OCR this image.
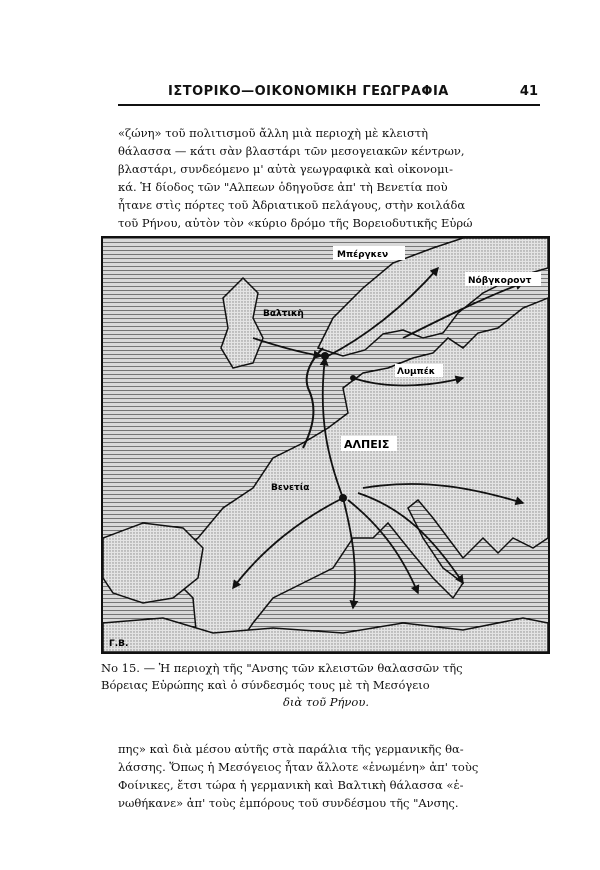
ΙΣΤΟΡΙΚΟ—ΟΙΚΟΝΟΜΙΚΗ ΓΕΩΓΡΑΦΙΑ	41
«ζώνη» τοῦ πολιτισμοῦ ἄλλη μιὰ περιοχὴ μὲ κλειστὴ
θάλασσα — κάτι σὰν βλαστάρι τῶν μεσογειακῶν κέντρων,
βλαστάρι, συνδεόμενο μ' αὐτὰ γεωγραφικὰ καὶ οἰκονομι-
κά. Ἡ δίοδος τῶν "Αλπεων ὁδηγοῦσε ἀπ' τὴ Βενετία ποὺ
ἦτανε στὶς πόρτες τοῦ Ἀδριατικοῦ πελάγους, στὴν κοιλάδα
τοῦ Ρήνου, αὐτὸν τὸν «κύριο δρόμο τῆς Βορειοδυτικῆς Εὐρώ
Μπέργκεν
Νόβγκοροντ
Βαλτικὴ
Λυμπέκ
ΑΛΠΕΙΣ
Βενετία
Γ.Β.
Νο 15. — Ἡ περιοχὴ τῆς "Ανσης τῶν κλειστῶν θαλασσῶν τῆς
Βόρειας Εὐρώπης καὶ ὁ σύνδεσμός τους μὲ τὴ Μεσόγειο
διὰ τοῦ Ρήνου.
πης» καὶ διὰ μέσου αὐτῆς στὰ παράλια τῆς γερμανικῆς θα-
λάσσης. Ὅπως ἡ Μεσόγειος ἦταν ἄλλοτε «ἑνωμένη» ἀπ' τοὺς
Φοίνικες, ἔτσι τώρα ἡ γερμανικὴ καὶ Βαλτικὴ θάλασσα «ἑ-
νωθήκανε» ἀπ' τοὺς ἐμπόρους τοῦ συνδέσμου τῆς "Ανσης.
